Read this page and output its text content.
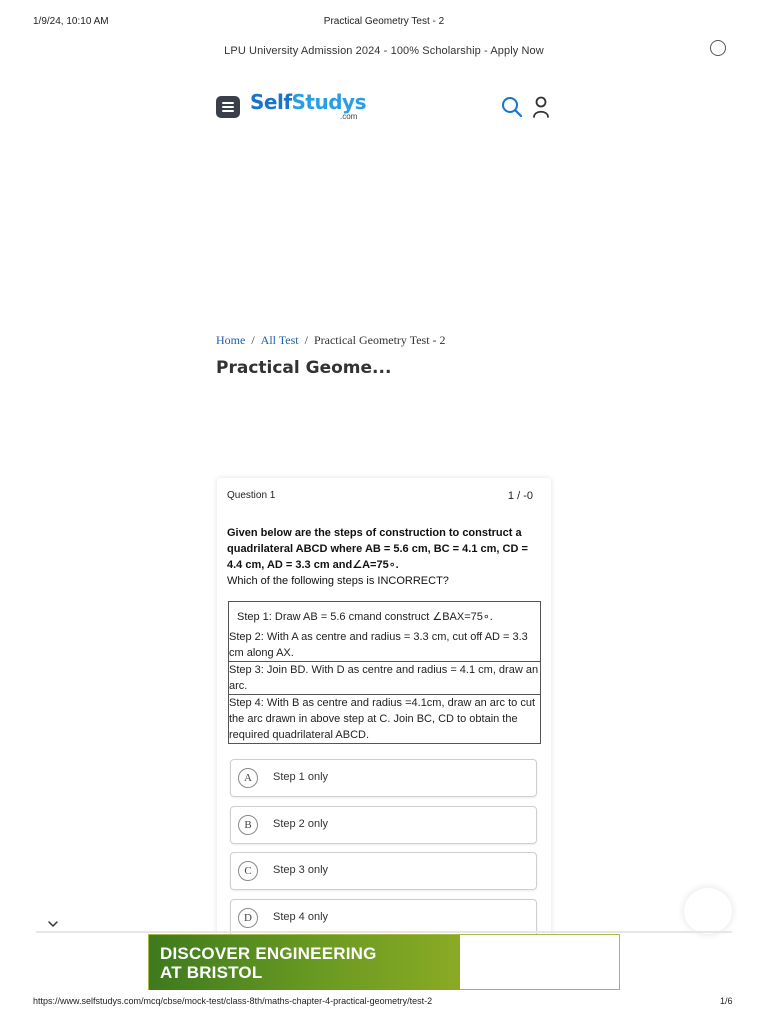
1/9/24, 10:10 AM	Practical Geometry Test - 2
LPU University Admission 2024 - 100% Scholarship - Apply Now
SelfStudys
.com
Home / All Test / Practical Geometry Test - 2
Practical Geome...
Question 1	1 / -0
Given below are the steps of construction to construct a quadrilateral ABCD where AB = 5.6 cm, BC = 4.1 cm, CD = 4.4 cm, AD = 3.3 cm and∠A=75∘.
Which of the following steps is INCORRECT?
Step 1: Draw AB = 5.6 cmand construct ∠BAX=75∘.
Step 2: With A as centre and radius = 3.3 cm, cut off AD = 3.3 cm along AX.
Step 3: Join BD. With D as centre and radius = 4.1 cm, draw an arc.
Step 4: With B as centre and radius =4.1cm, draw an arc to cut the arc drawn in above step at C. Join BC, CD to obtain the required quadrilateral ABCD.
A	Step 1 only
B	Step 2 only
C	Step 3 only
D	Step 4 only
DISCOVER ENGINEERING
AT BRISTOL
https://www.selfstudys.com/mcq/cbse/mock-test/class-8th/maths-chapter-4-practical-geometry/test-2	1/6
